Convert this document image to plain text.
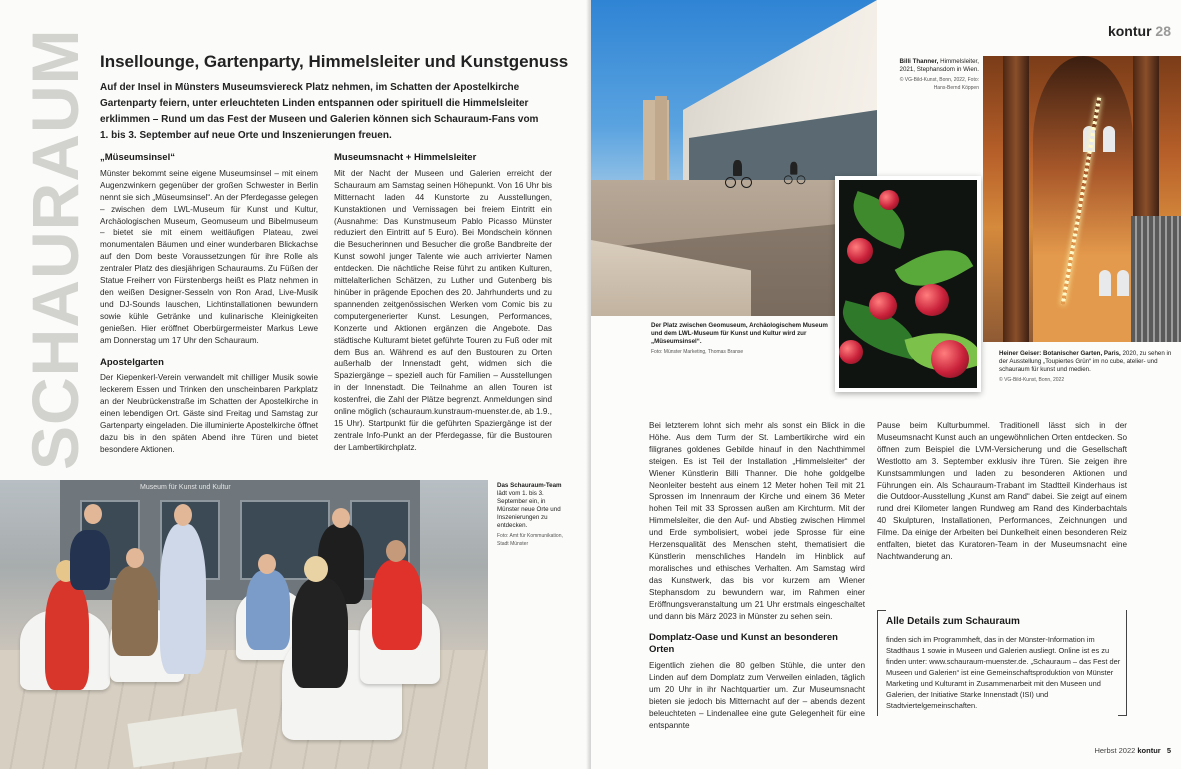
SCHAURAUM Insellounge, Gartenparty, Himmelsleiter und Kunstgenuss

Auf der Insel in Münsters Museumsviereck Platz nehmen, im Schatten der Apostelkirche Gartenparty feiern, unter erleuchteten Linden entspannen oder spirituell die Himmelsleiter erklimmen – Rund um das Fest der Museen und Galerien können sich Schauraum-Fans vom 1. bis 3. September auf neue Orte und Inszenierungen freuen.

„Müseumsinsel“

Münster bekommt seine eigene Museumsinsel – mit einem Augenzwinkern gegenüber der großen Schwester in Berlin nennt sie sich „Müseumsinsel“. An der Pferdegasse gelegen – zwischen dem LWL-Museum für Kunst und Kultur, Archäologischen Museum, Geomuseum und Bibelmuseum – bietet sie mit einem weitläufigen Plateau, zwei monumentalen Bäumen und einer wunderbaren Blickachse auf den Dom beste Voraussetzungen für ihre Rolle als zentraler Platz des diesjährigen Schauraums. Zu Füßen der Statue Freiherr von Fürstenbergs heißt es Platz nehmen in den weißen Designer-Sesseln von Ron Arad, Live-Musik und DJ-Sounds lauschen, Lichtinstallationen bewundern sowie kühle Getränke und kulinarische Kleinigkeiten genießen. Hier eröffnet Oberbürgermeister Markus Lewe am Donnerstag um 17 Uhr den Schauraum.

Apostelgarten

Der Kiepenkerl-Verein verwandelt mit chilliger Musik sowie leckerem Essen und Trinken den unscheinbaren Parkplatz an der Neubrückenstraße im Schatten der Apostelkirche in einen lebendigen Ort. Gäste sind Freitag und Samstag zur Gartenparty eingeladen. Die illuminierte Apostelkirche öffnet dazu bis in den späten Abend ihre Türen und bietet besondere Aktionen.

Museumsnacht + Himmelsleiter

Mit der Nacht der Museen und Galerien erreicht der Schauraum am Samstag seinen Höhepunkt. Von 16 Uhr bis Mitternacht laden 44 Kunstorte zu Ausstellungen, Kunstaktionen und Vernissagen bei freiem Eintritt ein (Ausnahme: Das Kunstmuseum Pablo Picasso Münster reduziert den Eintritt auf 5 Euro). Bei Mondschein können die Besucherinnen und Besucher die große Bandbreite der Kunst sowohl junger Talente wie auch arrivierter Namen entdecken. Die nächtliche Reise führt zu antiken Kulturen, mittelalterlichen Schätzen, zu Luther und Gutenberg bis hinüber in prägende Epochen des 20. Jahrhunderts und zu spannenden zeitgenössischen Werken vom Comic bis zu computergenerierter Kunst. Lesungen, Performances, Konzerte und Aktionen ergänzen die Angebote. Das städtische Kulturamt bietet geführte Touren zu Fuß oder mit dem Bus an. Während es auf den Bustouren zu Orten außerhalb der Innenstadt geht, widmen sich die Spaziergänge – speziell auch für Familien – Ausstellungen in der Innenstadt. Die Teilnahme an allen Touren ist kostenfrei, die Zahl der Plätze begrenzt. Anmeldungen sind online möglich (schauraum.kunstraum-muenster.de, ab 1.9., 15 Uhr). Startpunkt für die geführten Spaziergänge ist der zentrale Info-Punkt an der Pferdegasse, für die Bustouren der Lambertikirchplatz.

Museum für Kunst und Kultur	Das Schauraum-Team lädt vom 1. bis 3. September ein, in Münster neue Orte und Inszenierungen zu entdecken.
Foto: Amt für Kommunikation, Stadt Münster
kontur 28
Der Platz zwischen Geomuseum, Archäologischem Museum und dem LWL-Museum für Kunst und Kultur wird zur „Müseumsinsel“.
Foto: Münster Marketing, Thomas Branse
Billi Thanner, Himmelsleiter, 2021, Stephansdom in Wien.
© VG-Bild-Kunst, Bonn, 2022, Foto: Hans-Bernd Köppen
Heiner Geiser: Botanischer Garten, Paris, 2020, zu sehen in der Ausstellung „Toupiertes Grün“ im no cube, atelier- und schauraum für kunst und medien.
© VG-Bild-Kunst, Bonn, 2022

Bei letzterem lohnt sich mehr als sonst ein Blick in die Höhe. Aus dem Turm der St. Lambertikirche wird ein filigranes goldenes Gebilde hinauf in den Nachthimmel steigen. Es ist Teil der Installation „Himmelsleiter“ der Wiener Künstlerin Billi Thanner. Die hohe goldgelbe Neonleiter besteht aus einem 12 Meter hohen Teil mit 21 Sprossen im Innenraum der Kirche und einem 36 Meter hohen Teil mit 33 Sprossen außen am Kirchturm. Mit der Himmelsleiter, die den Auf- und Abstieg zwischen Himmel und Erde symbolisiert, wobei jede Sprosse für eine Herzensqualität des Menschen steht, thematisiert die Künstlerin menschliches Handeln im Hinblick auf moralisches und ethisches Verhalten. Am Samstag wird das Kunstwerk, das bis vor kurzem am Wiener Stephansdom zu bewundern war, im Rahmen einer Eröffnungsveranstaltung um 21 Uhr erstmals eingeschaltet und dann bis März 2023 in Münster zu sehen sein.

Domplatz-Oase und Kunst an besonderen Orten

Eigentlich ziehen die 80 gelben Stühle, die unter den Linden auf dem Domplatz zum Verweilen einladen, täglich um 20 Uhr in ihr Nachtquartier um. Zur Museumsnacht bieten sie jedoch bis Mitternacht auf der – abends dezent beleuchteten – Lindenallee eine gute Gelegenheit für eine entspannte

Pause beim Kulturbummel. Traditionell lässt sich in der Museumsnacht Kunst auch an ungewöhnlichen Orten entdecken. So öffnen zum Beispiel die LVM-Versicherung und die Gesellschaft Westlotto am 3. September exklusiv ihre Türen. Sie zeigen ihre Kunstsammlungen und laden zu besonderen Aktionen und Führungen ein. Als Schauraum-Trabant im Stadtteil Kinderhaus ist die Outdoor-Ausstellung „Kunst am Rand“ dabei. Sie zeigt auf einem rund drei Kilometer langen Rundweg am Rand des Kinderbachtals 40 Skulpturen, Installationen, Performances, Zeichnungen und Filme. Da einige der Arbeiten bei Dunkelheit einen besonderen Reiz entfalten, bietet das Kuratoren-Team in der Museumsnacht eine Nachtwanderung an.

Alle Details zum Schauraum
finden sich im Programmheft, das in der Münster-Information im Stadthaus 1 sowie in Museen und Galerien ausliegt. Online ist es zu finden unter: www.schauraum-muenster.de. „Schauraum – das Fest der Museen und Galerien“ ist eine Gemeinschaftsproduktion von Münster Marketing und Kulturamt in Zusammenarbeit mit den Museen und Galerien, der Initiative Starke Innenstadt (ISI) und Stadtviertelgemeinschaften.
Herbst 2022 kontur 5
